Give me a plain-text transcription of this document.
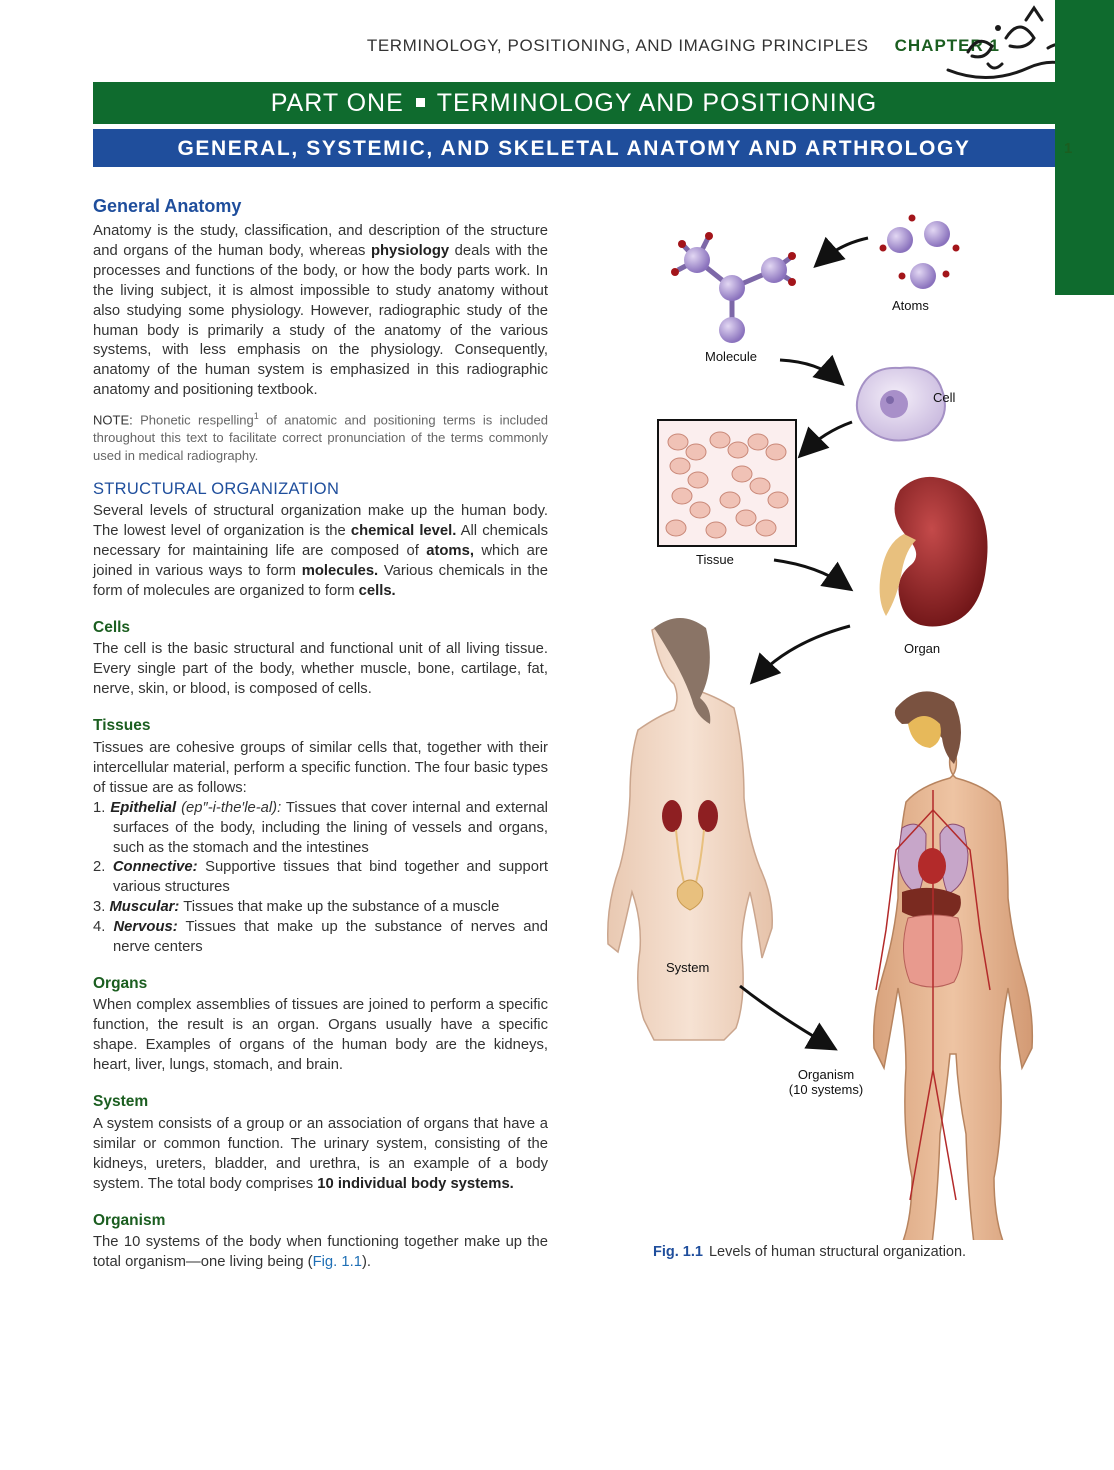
TERMINOLOGY, POSITIONING, AND IMAGING PRINCIPLES CHAPTER 1
1
PART ONE TERMINOLOGY AND POSITIONING
GENERAL, SYSTEMIC, AND SKELETAL ANATOMY AND ARTHROLOGY
General Anatomy

Anatomy is the study, classification, and description of the structure and organs of the human body, whereas physiology deals with the processes and functions of the body, or how the body parts work. In the living subject, it is almost impossible to study anatomy without also studying some physiology. However, radiographic study of the human body is primarily a study of the anatomy of the various systems, with less emphasis on the physiology. Consequently, anatomy of the human system is emphasized in this radiographic anatomy and positioning textbook.

NOTE: Phonetic respelling$^1$ of anatomic and positioning terms is included throughout this text to facilitate correct pronunciation of the terms commonly used in medical radiography.

STRUCTURAL ORGANIZATION

Several levels of structural organization make up the human body. The lowest level of organization is the chemical level. All chemicals necessary for maintaining life are composed of atoms, which are joined in various ways to form molecules. Various chemicals in the form of molecules are organized to form cells.

Cells

The cell is the basic structural and functional unit of all living tissue. Every single part of the body, whether muscle, bone, cartilage, fat, nerve, skin, or blood, is composed of cells.

Tissues

Tissues are cohesive groups of similar cells that, together with their intercellular material, perform a specific function. The four basic types of tissue are as follows:

1. Epithelial (ep″-i-the′le-al): Tissues that cover internal and external surfaces of the body, including the lining of vessels and organs, such as the stomach and the intestines
2. Connective: Supportive tissues that bind together and support various structures
3. Muscular: Tissues that make up the substance of a muscle
4. Nervous: Tissues that make up the substance of nerves and nerve centers
Organs

When complex assemblies of tissues are joined to perform a specific function, the result is an organ. Organs usually have a specific shape. Examples of organs of the human body are the kidneys, heart, liver, lungs, stomach, and brain.

System

A system consists of a group or an association of organs that have a similar or common function. The urinary system, consisting of the kidneys, ureters, bladder, and urethra, is an example of a body system. The total body comprises 10 individual body systems.

Organism

The 10 systems of the body when functioning together make up the total organism—one living being (Fig. 1.1).

Atoms
Molecule
Cell
Tissue
Organ
System
Organism
(10 systems)
Fig. 1.1 Levels of human structural organization.
